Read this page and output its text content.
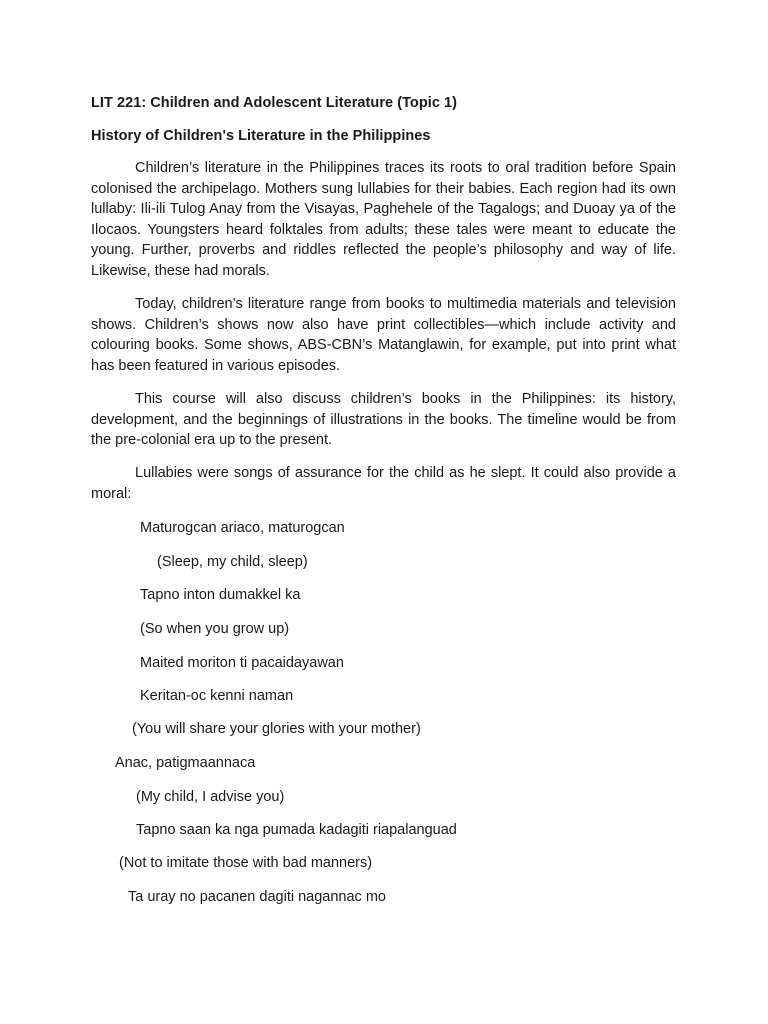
LIT 221: Children and Adolescent Literature (Topic 1)
History of Children's Literature in the Philippines

Children’s literature in the Philippines traces its roots to oral tradition before Spain colonised the archipelago. Mothers sung lullabies for their babies. Each region had its own lullaby: Ili-ili Tulog Anay from the Visayas, Paghehele of the Tagalogs; and Duoay ya of the Ilocaos. Youngsters heard folktales from adults; these tales were meant to educate the young. Further, proverbs and riddles reflected the people’s philosophy and way of life. Likewise, these had morals.

Today, children’s literature range from books to multimedia materials and television shows. Children’s shows now also have print collectibles—which include activity and colouring books. Some shows, ABS-CBN’s Matanglawin, for example, put into print what has been featured in various episodes.

This course will also discuss children’s books in the Philippines: its history, development, and the beginnings of illustrations in the books. The timeline would be from the pre-colonial era up to the present.

Lullabies were songs of assurance for the child as he slept. It could also provide a moral:

Maturogcan ariaco, maturogcan
(Sleep, my child, sleep)
Tapno inton dumakkel ka
(So when you grow up)
Maited moriton ti pacaidayawan
Keritan-oc kenni naman
(You will share your glories with your mother)
Anac, patigmaannaca
(My child, I advise you)
Tapno saan ka nga pumada kadagiti riapalanguad
(Not to imitate those with bad manners)
Ta uray no pacanen dagiti nagannac mo
